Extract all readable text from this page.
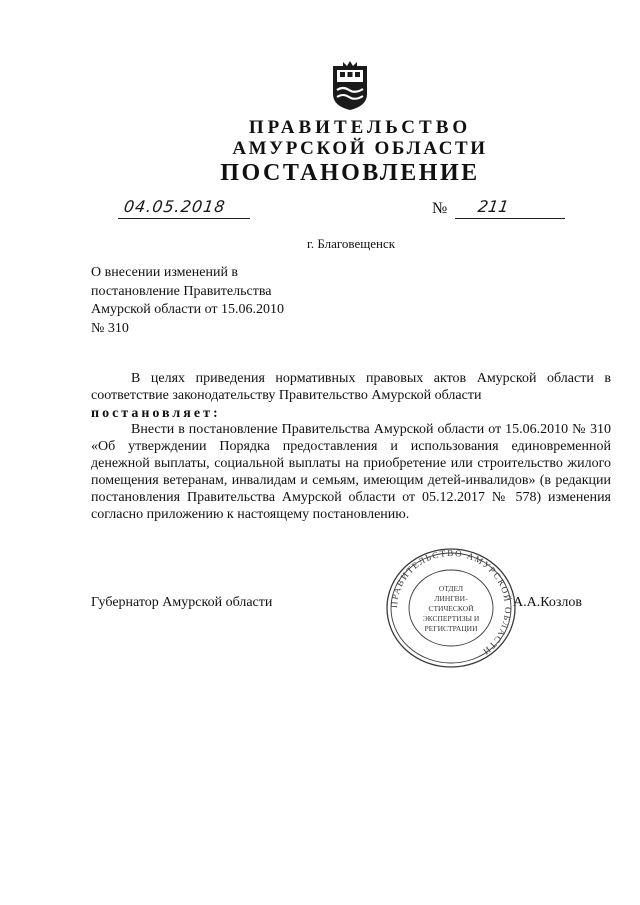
ПРАВИТЕЛЬСТВО
АМУРСКОЙ ОБЛАСТИ
ПОСТАНОВЛЕНИЕ
04.05.2018	№ 211
г. Благовещенск
О внесении изменений в
постановление Правительства
Амурской области от 15.06.2010
№ 310
В целях приведения нормативных правовых актов Амурской области в соответствие законодательству Правительство Амурской области
постановляет:
Внести в постановление Правительства Амурской области от 15.06.2010 № 310 «Об утверждении Порядка предоставления и использования единовременной денежной выплаты, социальной выплаты на приобретение или строительство жилого помещения ветеранам, инвалидам и семьям, имеющим детей-инвалидов» (в редакции постановления Правительства Амурской области от 05.12.2017 № 578) изменения согласно приложению к настоящему постановлению.
Губернатор Амурской области	А.А.Козлов
ПРАВИТЕЛЬСТВО АМУРСКОЙ ОБЛАСТИ
ОТДЕЛ
ЛИНГВИ-
СТИЧЕСКОЙ
ЭКСПЕРТИЗЫ И
РЕГИСТРАЦИИ
